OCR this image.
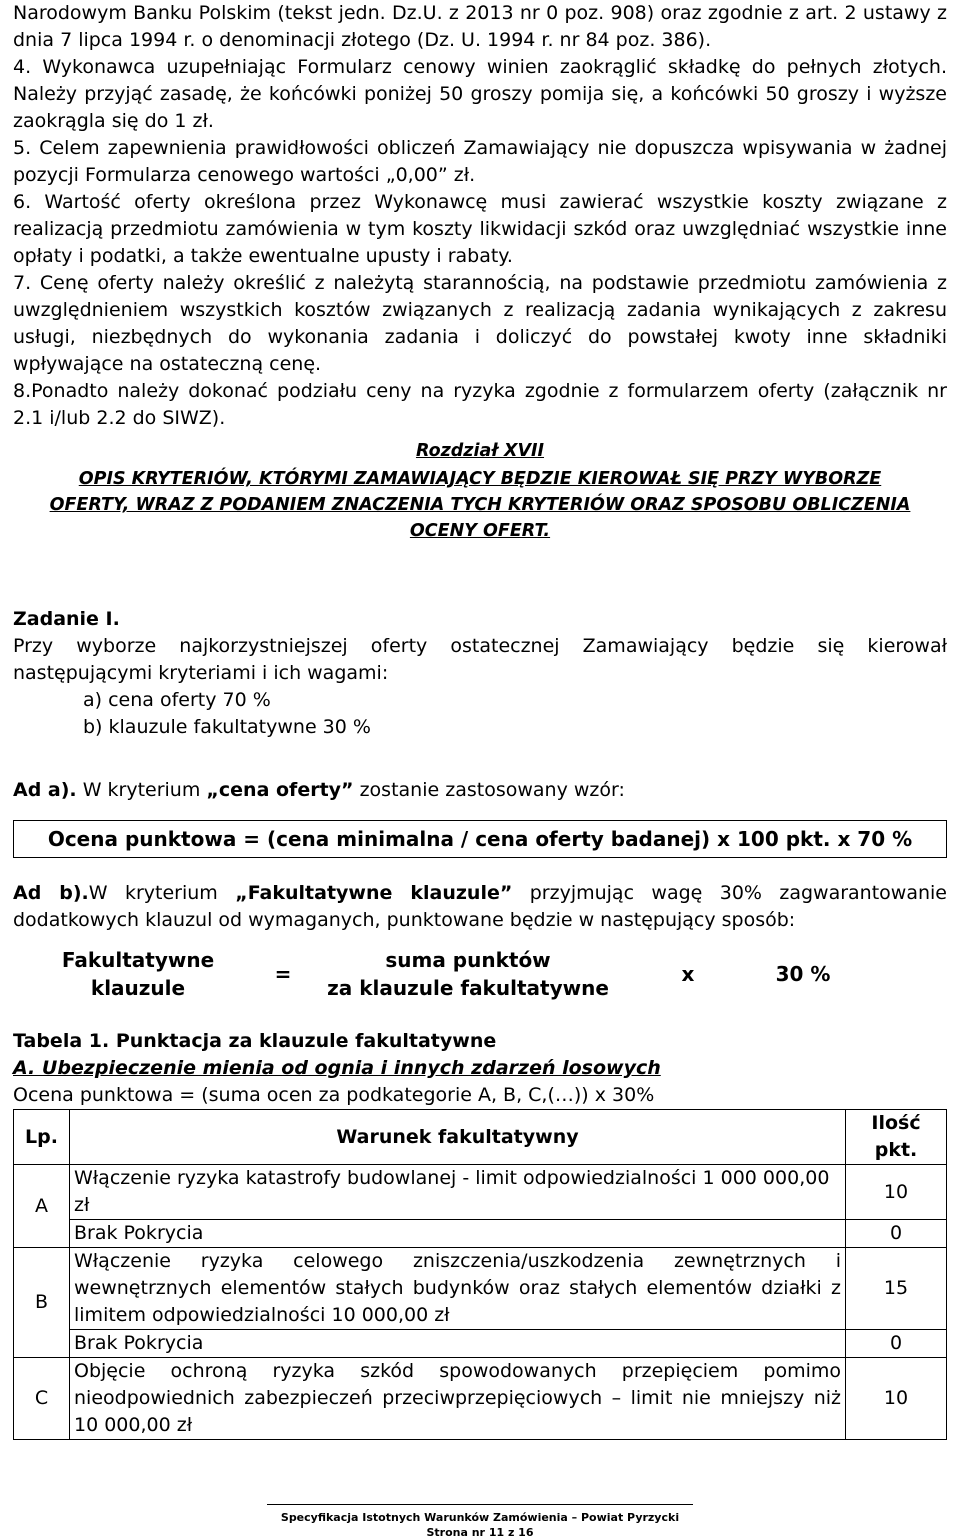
Narodowym Banku Polskim (tekst jedn. Dz.U. z 2013 nr 0 poz. 908) oraz zgodnie z art. 2 ustawy z dnia 7 lipca 1994 r. o denominacji złotego (Dz. U. 1994 r. nr 84 poz. 386).

4. Wykonawca uzupełniając Formularz cenowy winien zaokrąglić składkę do pełnych złotych. Należy przyjąć zasadę, że końcówki poniżej 50 groszy pomija się, a końcówki 50 groszy i wyższe zaokrągla się do 1 zł.

5. Celem zapewnienia prawidłowości obliczeń Zamawiający nie dopuszcza wpisywania w żadnej pozycji Formularza cenowego wartości „0,00” zł.

6. Wartość oferty określona przez Wykonawcę musi zawierać wszystkie koszty związane z realizacją przedmiotu zamówienia w tym koszty likwidacji szkód oraz uwzględniać wszystkie inne opłaty i podatki, a także ewentualne upusty i rabaty.

7. Cenę oferty należy określić z należytą starannością, na podstawie przedmiotu zamówienia z uwzględnieniem wszystkich kosztów związanych z realizacją zadania wynikających z zakresu usługi, niezbędnych do wykonania zadania i doliczyć do powstałej kwoty inne składniki wpływające na ostateczną cenę.

8.Ponadto należy dokonać podziału ceny na ryzyka zgodnie z formularzem oferty (załącznik nr 2.1 i/lub 2.2 do SIWZ).

Rozdział XVII

OPIS KRYTERIÓW, KTÓRYMI ZAMAWIAJĄCY BĘDZIE KIEROWAŁ SIĘ PRZY WYBORZE

OFERTY, WRAZ Z PODANIEM ZNACZENIA TYCH KRYTERIÓW ORAZ SPOSOBU OBLICZENIA

OCENY OFERT.

Zadanie I.

Przy wyborze najkorzystniejszej oferty ostatecznej Zamawiający będzie się kierował następującymi kryteriami i ich wagami:

a) cena oferty 70 %

b) klauzule fakultatywne 30 %

Ad a). W kryterium „cena oferty” zostanie zastosowany wzór:

Ocena punktowa = (cena minimalna / cena oferty badanej) x 100 pkt. x 70 %

Ad b).W kryterium „Fakultatywne klauzule” przyjmując wagę 30% zagwarantowanie dodatkowych klauzul od wymaganych, punktowane będzie w następujący sposób:

Fakultatywne
klauzule
=
suma punktów
za klauzule fakultatywne
x	30 %

Tabela 1. Punktacja za klauzule fakultatywne

A. Ubezpieczenie mienia od ognia i innych zdarzeń losowych

Ocena punktowa = (suma ocen za podkategorie A, B, C,(…)) x 30%

Lp.	Warunek fakultatywny	Ilość pkt.
A	Włączenie ryzyka katastrofy budowlanej - limit odpowiedzialności 1 000 000,00 zł	10
	Brak Pokrycia	0
B	Włączenie ryzyka celowego zniszczenia/uszkodzenia zewnętrznych i wewnętrznych elementów stałych budynków oraz stałych elementów działki z limitem odpowiedzialności 10 000,00 zł	15
	Brak Pokrycia	0
C	Objęcie ochroną ryzyka szkód spowodowanych przepięciem pomimo nieodpowiednich zabezpieczeń przeciwprzepięciowych – limit nie mniejszy niż 10 000,00 zł	10
Specyfikacja Istotnych Warunków Zamówienia – Powiat Pyrzycki
Strona nr 11 z 16
